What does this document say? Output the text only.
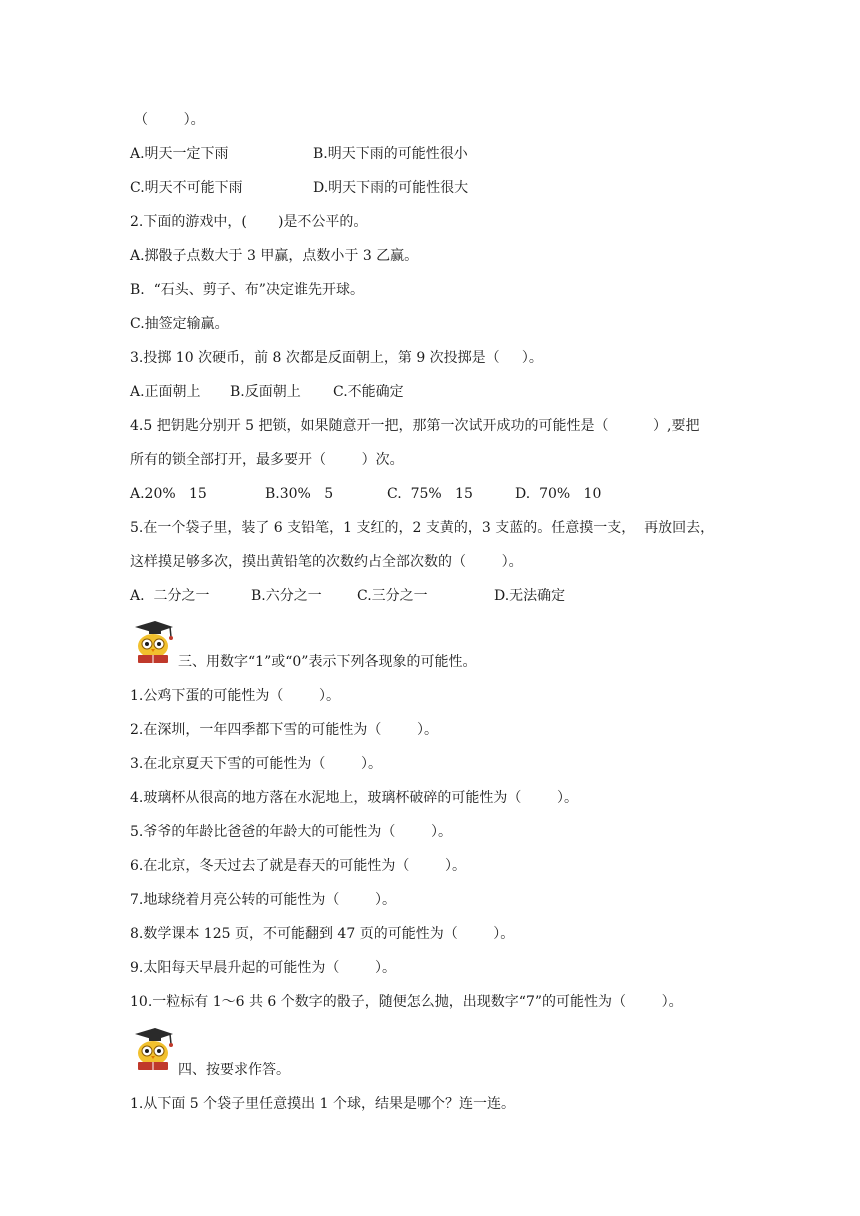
（        ）。
A.明天一定下雨	B.明天下雨的可能性很小
C.明天不可能下雨	D.明天下雨的可能性很大
2.下面的游戏中，(       )是不公平的。
A.掷骰子点数大于 3 甲赢，点数小于 3 乙赢。
B.  “石头、剪子、布”决定谁先开球。
C.抽签定输赢。
3.投掷 10 次硬币，前 8 次都是反面朝上，第 9 次投掷是（     ）。
A.正面朝上 B.反面朝上 C.不能确定
4.5 把钥匙分别开 5 把锁，如果随意开一把，那第一次试开成功的可能性是（          ）,要把
所有的锁全部打开，最多要开（        ）次。
A.20%   15	B.30%   5	C.  75%   15	D.  70%   10
5.在一个袋子里，装了 6 支铅笔，1 支红的，2 支黄的，3 支蓝的。任意摸一支，  再放回去，
这样摸足够多次，摸出黄铅笔的次数约占全部次数的（        ）。
A.  二分之一	B.六分之一	C.三分之一	D.无法确定
三、用数字“1”或“0”表示下列各现象的可能性。
1.公鸡下蛋的可能性为（        ）。
2.在深圳，一年四季都下雪的可能性为（        ）。
3.在北京夏天下雪的可能性为（        ）。
4.玻璃杯从很高的地方落在水泥地上，玻璃杯破碎的可能性为（        ）。
5.爷爷的年龄比爸爸的年龄大的可能性为（        ）。
6.在北京，冬天过去了就是春天的可能性为（        ）。
7.地球绕着月亮公转的可能性为（        ）。
8.数学课本 125 页，不可能翻到 47 页的可能性为（        ）。
9.太阳每天早晨升起的可能性为（        ）。
10.一粒标有 1～6 共 6 个数字的骰子，随便怎么抛，出现数字“7”的可能性为（        ）。
四、按要求作答。
1.从下面 5 个袋子里任意摸出 1 个球，结果是哪个？连一连。
